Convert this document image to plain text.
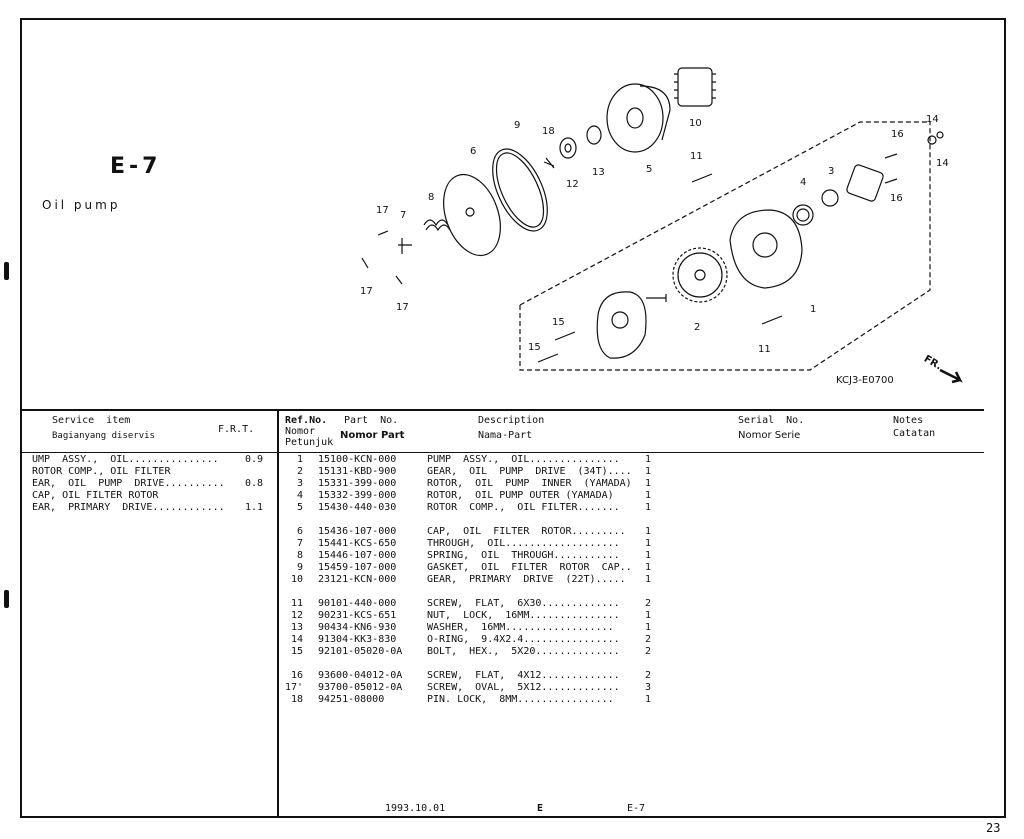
E-7
Oil pump
10
18
9
6
12
13	5
11
14
16
14
3
4
8
17 7
17
17
16
2
1
15
15	11
KCJ3-E0700
FR.
Service  item
Bagianyang diservis
F.R.T.
Ref.No.
Nomor
Petunjuk
Part  No.
Nomor Part
Description
Nama-Part
Serial  No.
Nomor Serie
Notes
Catatan
UMP  ASSY.,  OIL...............	0.9
ROTOR COMP., OIL FILTER
EAR,  OIL  PUMP  DRIVE.......... 0.8
CAP, OIL FILTER ROTOR
EAR,  PRIMARY  DRIVE............ 1.1
1 15100-KCN-000	PUMP  ASSY.,  OIL...............	1
2 15131-KBD-900	GEAR,  OIL  PUMP  DRIVE  (34T)....	1
3 15331-399-000	ROTOR,  OIL  PUMP  INNER  (YAMADA)	1
4 15332-399-000	ROTOR,  OIL PUMP OUTER (YAMADA)	1
5 15430-440-030	ROTOR  COMP.,  OIL FILTER.......	1
6 15436-107-000	CAP,  OIL  FILTER  ROTOR.........	1
7 15441-KCS-650	THROUGH,  OIL...................	1
8 15446-107-000	SPRING,  OIL  THROUGH...........	1
9 15459-107-000	GASKET,  OIL  FILTER  ROTOR  CAP..	1
10 23121-KCN-000	GEAR,  PRIMARY  DRIVE  (22T).....	1
11 90101-440-000	SCREW,  FLAT,  6X30.............	2
12 90231-KCS-651	NUT,  LOCK,  16MM...............	1
13 90434-KN6-930	WASHER,  16MM..................	1
14 91304-KK3-830	O-RING,  9.4X2.4................	2
15 92101-05020-0A	BOLT,  HEX.,  5X20..............	2
16 93600-04012-0A	SCREW,  FLAT,  4X12.............	2
17' 93700-05012-0A	SCREW,  OVAL,  5X12.............	3
18 94251-08000	PIN. LOCK,  8MM................	1
1993.10.01	E	E-7
23
